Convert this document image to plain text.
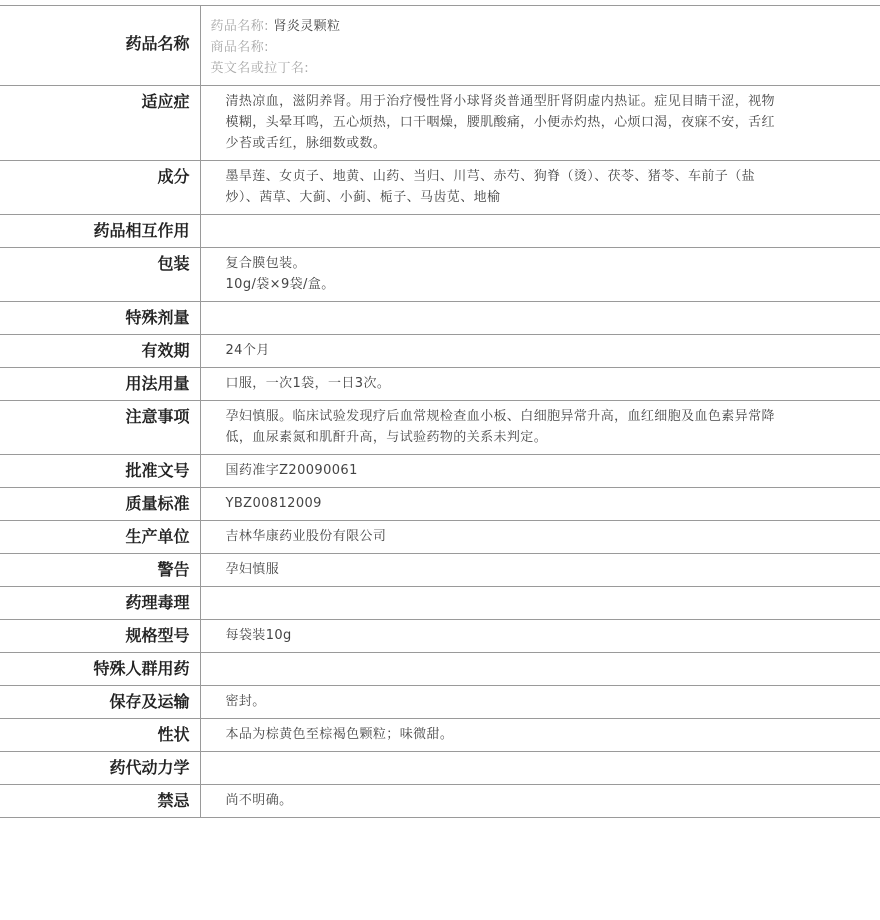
药品名称	药品名称: 肾炎灵颗粒
商品名称:
英文名或拉丁名:

适应症	清热凉血，滋阴养肾。用于治疗慢性肾小球肾炎普通型肝肾阴虚内热证。症见目睛干涩，视物模糊，头晕耳鸣，五心烦热，口干咽燥，腰肌酸痛，小便赤灼热，心烦口渴，夜寐不安，舌红少苔或舌红，脉细数或数。
成分	墨旱莲、女贞子、地黄、山药、当归、川芎、赤芍、狗脊（烫）、茯苓、猪苓、车前子（盐炒）、茜草、大蓟、小蓟、栀子、马齿苋、地榆
药品相互作用	
包装	复合膜包装。
10g/袋×9袋/盒。

特殊剂量	
有效期	24个月
用法用量	口服，一次1袋，一日3次。
注意事项	孕妇慎服。临床试验发现疗后血常规检查血小板、白细胞异常升高，血红细胞及血色素异常降低，血尿素氮和肌酐升高，与试验药物的关系未判定。
批准文号	国药准字Z20090061
质量标准	YBZ00812009
生产单位	吉林华康药业股份有限公司
警告	孕妇慎服
药理毒理	
规格型号	每袋装10g
特殊人群用药	
保存及运输	密封。
性状	本品为棕黄色至棕褐色颗粒；味微甜。
药代动力学	
禁忌	尚不明确。
